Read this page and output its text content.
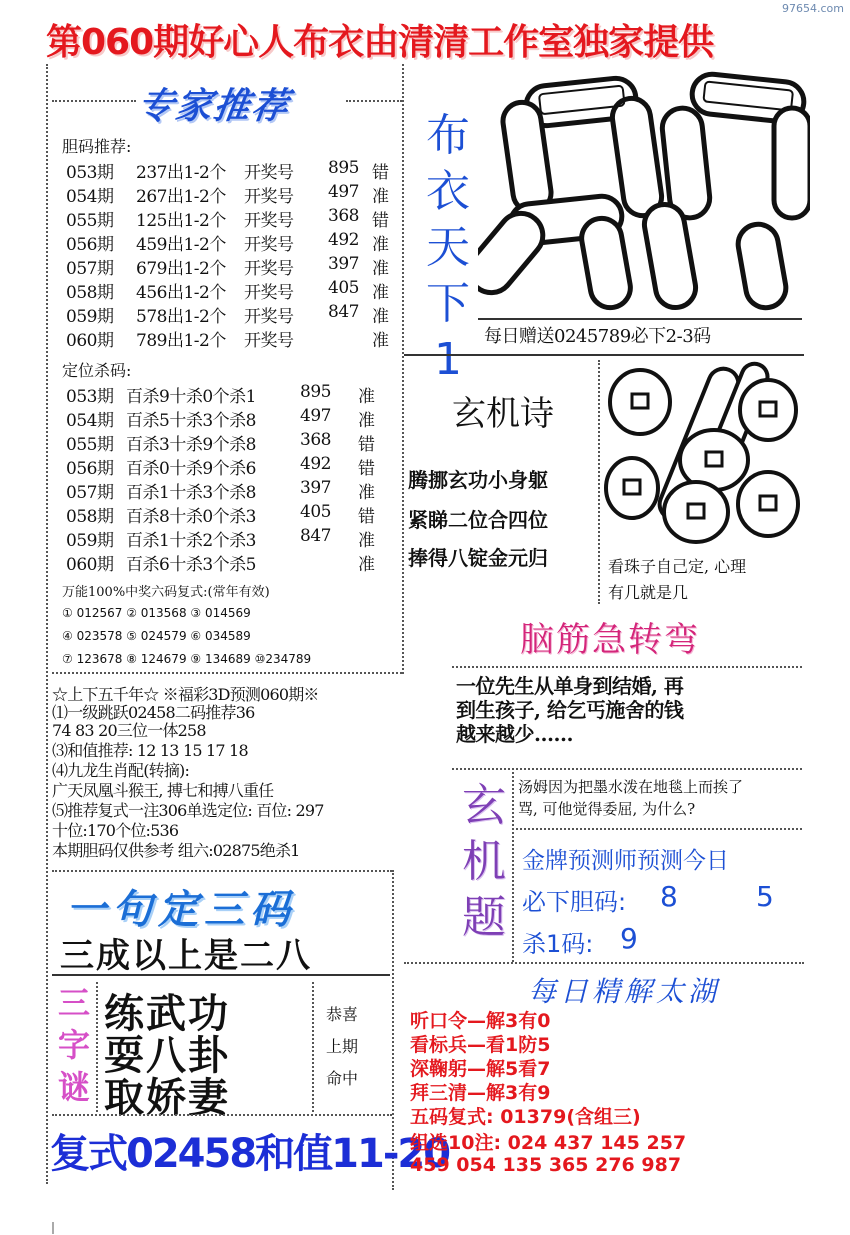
97654.com
第060期好心人布衣由清清工作室独家提供
专家推荐
胆码推荐:
053期 237出1-2个 开奖号 895 错
054期 267出1-2个 开奖号 497 准
055期 125出1-2个 开奖号 368 错
056期 459出1-2个 开奖号 492 准
057期 679出1-2个 开奖号 397 准
058期 456出1-2个 开奖号 405 准
059期 578出1-2个 开奖号 847 准
060期 789出1-2个 开奖号	准
定位杀码:
053期 百杀9十杀0个杀1	895 准
054期 百杀5十杀3个杀8	497 准
055期 百杀3十杀9个杀8	368 错
056期 百杀0十杀9个杀6	492 错
057期 百杀1十杀3个杀8	397 准
058期 百杀8十杀0个杀3	405 错
059期 百杀1十杀2个杀3	847 准
060期 百杀6十杀3个杀5	准
万能100%中奖六码复式:(常年有效)
① 012567 ② 013568 ③ 014569
④ 023578 ⑤ 024579 ⑥ 034589
⑦ 123678 ⑧ 124679 ⑨ 134689 ⑩234789
☆上下五千年☆ ※福彩3D预测060期※
⑴一级跳跃02458二码推荐36
74 83 20三位一体258
⑶和值推荐: 12 13 15 17 18
⑷九龙生肖配(转摘):
广天凤凰斗猴王, 搏七和搏八重任
⑸推荐复式一注306单选定位: 百位: 297
十位:170个位:536
本期胆码仅供参考 组六:02875绝杀1
一句定三码
三成以上是二八
三字谜
练武功
耍八卦
取娇妻
恭喜
上期
命中
复式02458和值11-20
布
衣
天
下
1	每日赠送0245789必下2-3码
玄机诗
腾挪玄功小身躯
紧睇二位合四位
捧得八锭金元归	看珠子自己定, 心理
有几就是几
脑筋急转弯
一位先生从单身到结婚, 再
到生孩子, 给乞丐施舍的钱
越来越少……
玄
机
题
汤姆因为把墨水泼在地毯上而挨了
骂, 可他觉得委屈, 为什么?
金牌预测师预测今日
必下胆码: 8	5
杀1码: 9
每日精解太湖
听口令—解3有0
看标兵—看1防5
深鞠躬—解5看7
拜三清—解3有9
五码复式: 01379(含组三)
组选10注: 024 437 145 257
459 054 135 365 276 987
